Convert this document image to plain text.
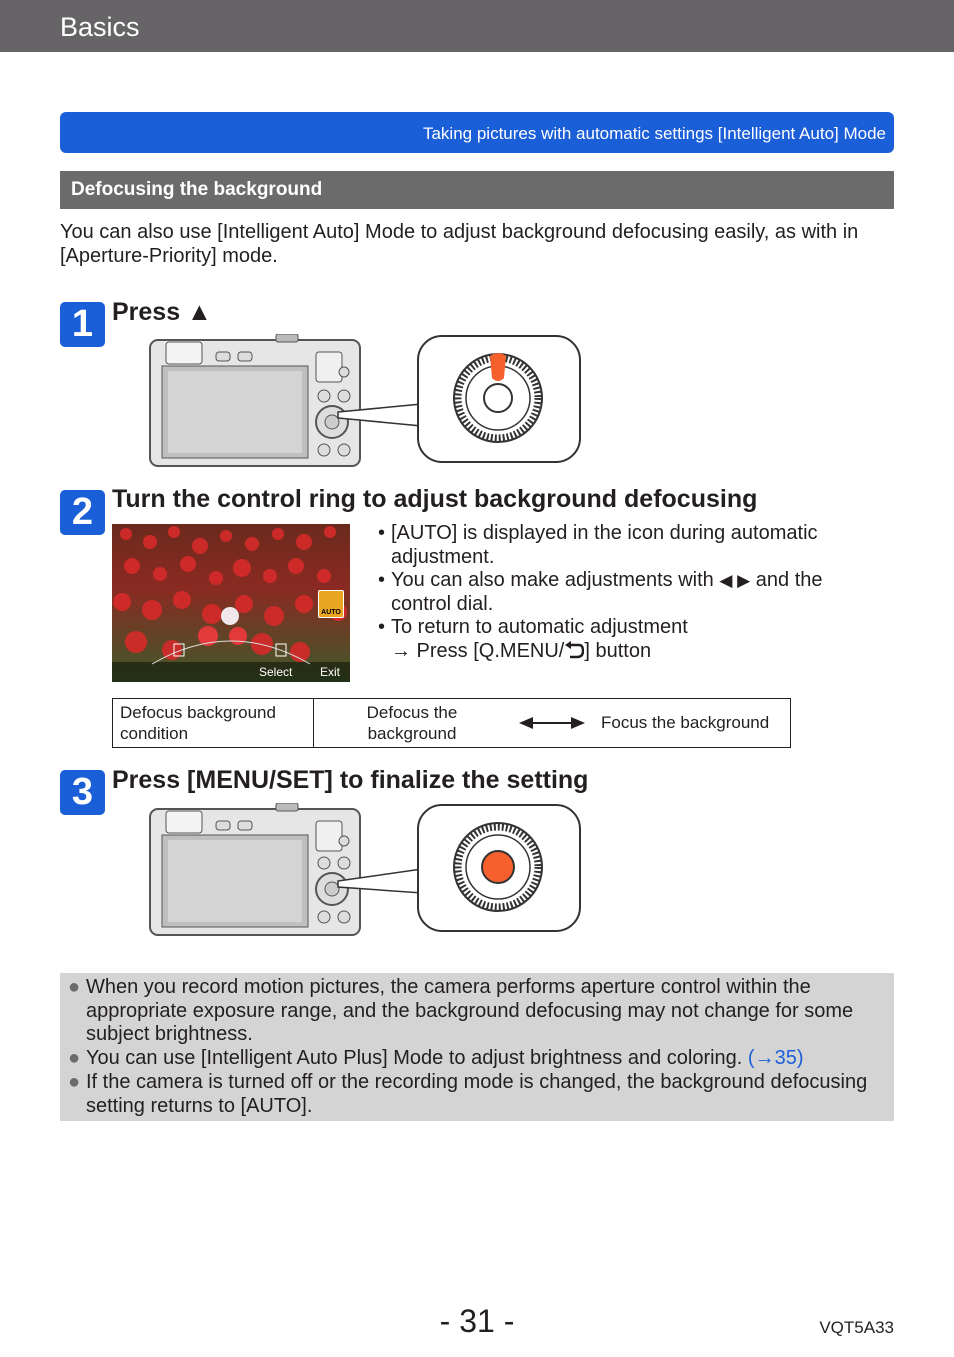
Basics
Taking pictures with automatic settings [Intelligent Auto] Mode
Defocusing the background
You can also use [Intelligent Auto] Mode to adjust background defocusing easily, as with in [Aperture-Priority] mode.
1 Press ▲
2 Turn the control ring to adjust background defocusing
AUTO
Select Exit
• [AUTO] is displayed in the icon during automatic
adjustment.
• You can also make adjustments with ◀ ▶ and the
control dial.
• To return to automatic adjustment
→ Press [Q.MENU/ ] button
Defocus background condition
Defocus the background
Focus the background
3 Press [MENU/SET] to finalize the setting
● When you record motion pictures, the camera performs aperture control within the appropriate exposure range, and the background defocusing may not change for some subject brightness.
● You can use [Intelligent Auto Plus] Mode to adjust brightness and coloring. (→35)
● If the camera is turned off or the recording mode is changed, the background defocusing setting returns to [AUTO].
- 31 -	VQT5A33
